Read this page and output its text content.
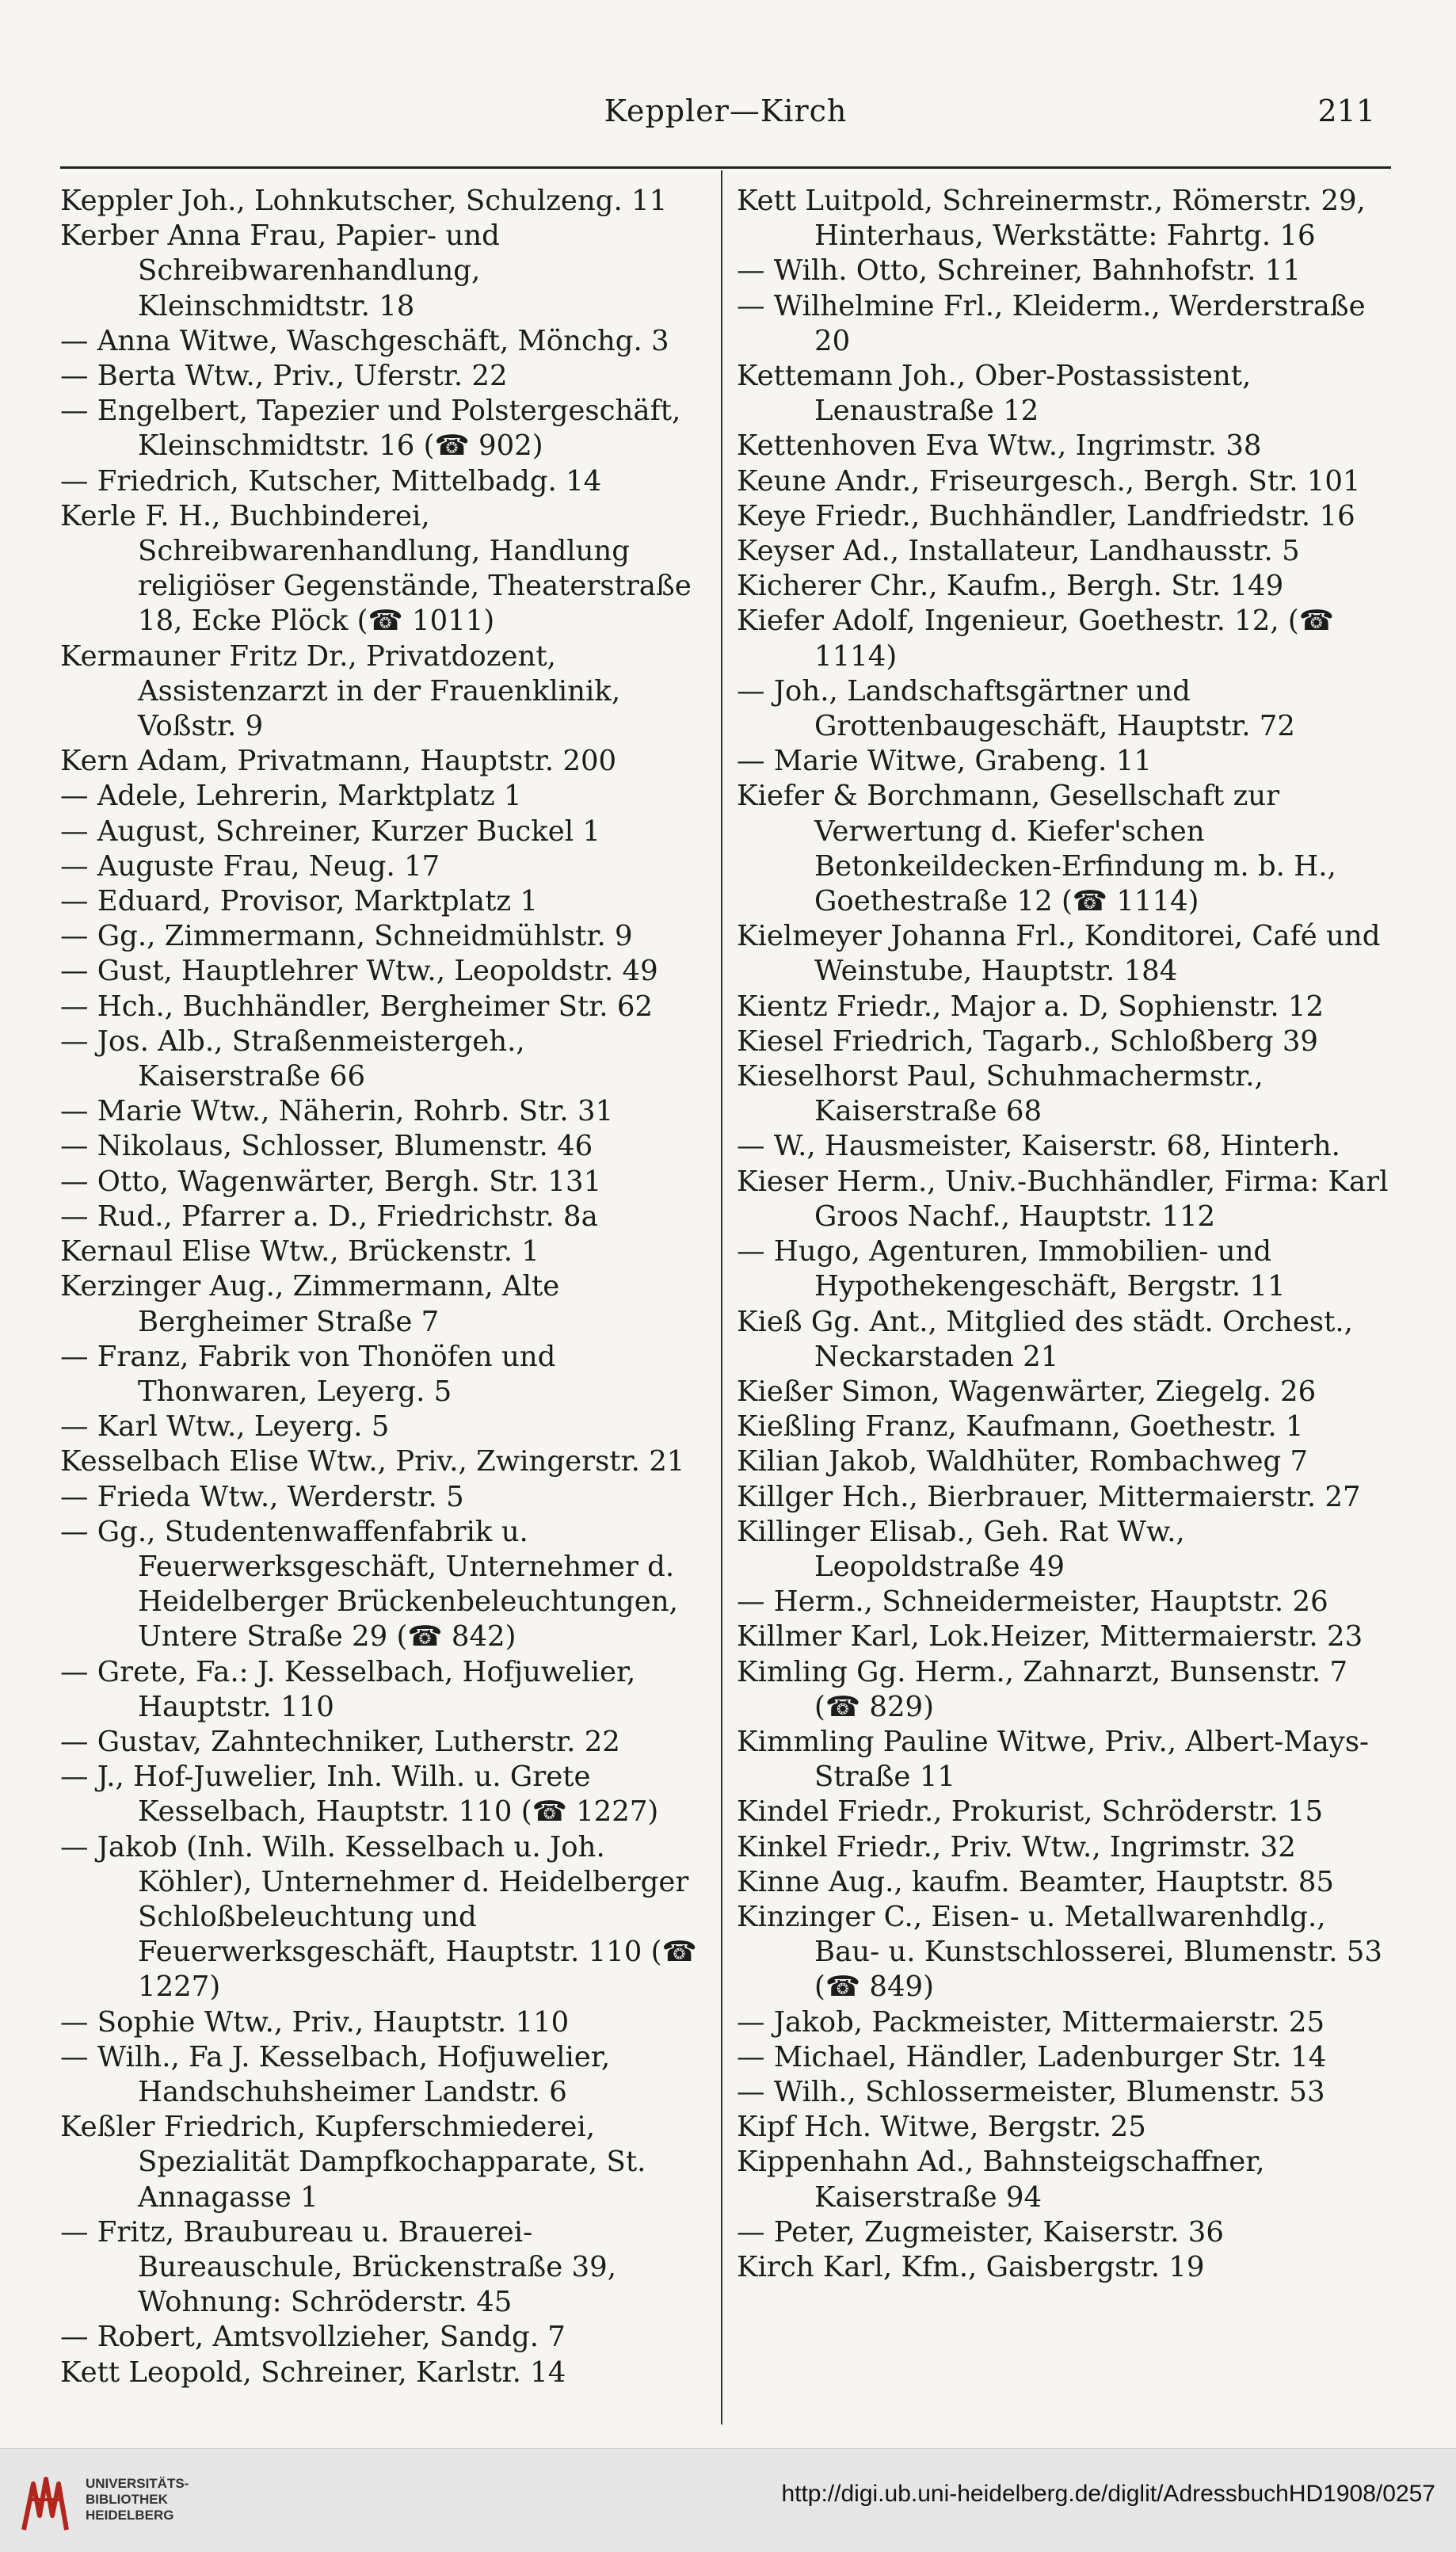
Keppler—Kirch	211
Keppler Joh., Lohnkutscher, Schulzeng. 11
Kerber Anna Frau, Papier- und Schreibwarenhandlung, Kleinschmidtstr. 18
— Anna Witwe, Waschgeschäft, Mönchg. 3
— Berta Wtw., Priv., Uferstr. 22
— Engelbert, Tapezier und Polstergeschäft, Kleinschmidtstr. 16 (☎ 902)
— Friedrich, Kutscher, Mittelbadg. 14
Kerle F. H., Buchbinderei, Schreibwarenhandlung, Handlung religiöser Gegenstände, Theaterstraße 18, Ecke Plöck (☎ 1011)
Kermauner Fritz Dr., Privatdozent, Assistenzarzt in der Frauenklinik, Voßstr. 9
Kern Adam, Privatmann, Hauptstr. 200
— Adele, Lehrerin, Marktplatz 1
— August, Schreiner, Kurzer Buckel 1
— Auguste Frau, Neug. 17
— Eduard, Provisor, Marktplatz 1
— Gg., Zimmermann, Schneidmühlstr. 9
— Gust, Hauptlehrer Wtw., Leopoldstr. 49
— Hch., Buchhändler, Bergheimer Str. 62
— Jos. Alb., Straßenmeistergeh., Kaiserstraße 66
— Marie Wtw., Näherin, Rohrb. Str. 31
— Nikolaus, Schlosser, Blumenstr. 46
— Otto, Wagenwärter, Bergh. Str. 131
— Rud., Pfarrer a. D., Friedrichstr. 8a
Kernaul Elise Wtw., Brückenstr. 1
Kerzinger Aug., Zimmermann, Alte Bergheimer Straße 7
— Franz, Fabrik von Thonöfen und Thonwaren, Leyerg. 5
— Karl Wtw., Leyerg. 5
Kesselbach Elise Wtw., Priv., Zwingerstr. 21
— Frieda Wtw., Werderstr. 5
— Gg., Studentenwaffenfabrik u. Feuerwerksgeschäft, Unternehmer d. Heidelberger Brückenbeleuchtungen, Untere Straße 29 (☎ 842)
— Grete, Fa.: J. Kesselbach, Hofjuwelier, Hauptstr. 110
— Gustav, Zahntechniker, Lutherstr. 22
— J., Hof-Juwelier, Inh. Wilh. u. Grete Kesselbach, Hauptstr. 110 (☎ 1227)
— Jakob (Inh. Wilh. Kesselbach u. Joh. Köhler), Unternehmer d. Heidelberger Schloßbeleuchtung und Feuerwerksgeschäft, Hauptstr. 110 (☎ 1227)
— Sophie Wtw., Priv., Hauptstr. 110
— Wilh., Fa J. Kesselbach, Hofjuwelier, Handschuhsheimer Landstr. 6
Keßler Friedrich, Kupferschmiederei, Spezialität Dampfkochapparate, St. Annagasse 1
— Fritz, Braubureau u. Brauerei-Bureauschule, Brückenstraße 39, Wohnung: Schröderstr. 45
— Robert, Amtsvollzieher, Sandg. 7
Kett Leopold, Schreiner, Karlstr. 14
Kett Luitpold, Schreinermstr., Römerstr. 29, Hinterhaus, Werkstätte: Fahrtg. 16
— Wilh. Otto, Schreiner, Bahnhofstr. 11
— Wilhelmine Frl., Kleiderm., Werderstraße 20
Kettemann Joh., Ober-Postassistent, Lenaustraße 12
Kettenhoven Eva Wtw., Ingrimstr. 38
Keune Andr., Friseurgesch., Bergh. Str. 101
Keye Friedr., Buchhändler, Landfriedstr. 16
Keyser Ad., Installateur, Landhausstr. 5
Kicherer Chr., Kaufm., Bergh. Str. 149
Kiefer Adolf, Ingenieur, Goethestr. 12, (☎ 1114)
— Joh., Landschaftsgärtner und Grottenbaugeschäft, Hauptstr. 72
— Marie Witwe, Grabeng. 11
Kiefer & Borchmann, Gesellschaft zur Verwertung d. Kiefer'schen Betonkeildecken-Erfindung m. b. H., Goethestraße 12 (☎ 1114)
Kielmeyer Johanna Frl., Konditorei, Café und Weinstube, Hauptstr. 184
Kientz Friedr., Major a. D, Sophienstr. 12
Kiesel Friedrich, Tagarb., Schloßberg 39
Kieselhorst Paul, Schuhmachermstr., Kaiserstraße 68
— W., Hausmeister, Kaiserstr. 68, Hinterh.
Kieser Herm., Univ.-Buchhändler, Firma: Karl Groos Nachf., Hauptstr. 112
— Hugo, Agenturen, Immobilien- und Hypothekengeschäft, Bergstr. 11
Kieß Gg. Ant., Mitglied des städt. Orchest., Neckarstaden 21
Kießer Simon, Wagenwärter, Ziegelg. 26
Kießling Franz, Kaufmann, Goethestr. 1
Kilian Jakob, Waldhüter, Rombachweg 7
Killger Hch., Bierbrauer, Mittermaierstr. 27
Killinger Elisab., Geh. Rat Ww., Leopoldstraße 49
— Herm., Schneidermeister, Hauptstr. 26
Killmer Karl, Lok.Heizer, Mittermaierstr. 23
Kimling Gg. Herm., Zahnarzt, Bunsenstr. 7 (☎ 829)
Kimmling Pauline Witwe, Priv., Albert-Mays-Straße 11
Kindel Friedr., Prokurist, Schröderstr. 15
Kinkel Friedr., Priv. Wtw., Ingrimstr. 32
Kinne Aug., kaufm. Beamter, Hauptstr. 85
Kinzinger C., Eisen- u. Metallwarenhdlg., Bau- u. Kunstschlosserei, Blumenstr. 53 (☎ 849)
— Jakob, Packmeister, Mittermaierstr. 25
— Michael, Händler, Ladenburger Str. 14
— Wilh., Schlossermeister, Blumenstr. 53
Kipf Hch. Witwe, Bergstr. 25
Kippenhahn Ad., Bahnsteigschaffner, Kaiserstraße 94
— Peter, Zugmeister, Kaiserstr. 36
Kirch Karl, Kfm., Gaisbergstr. 19
UNIVERSITÄTS-
BIBLIOTHEK
HEIDELBERG
http://digi.ub.uni-heidelberg.de/diglit/AdressbuchHD1908/0257
